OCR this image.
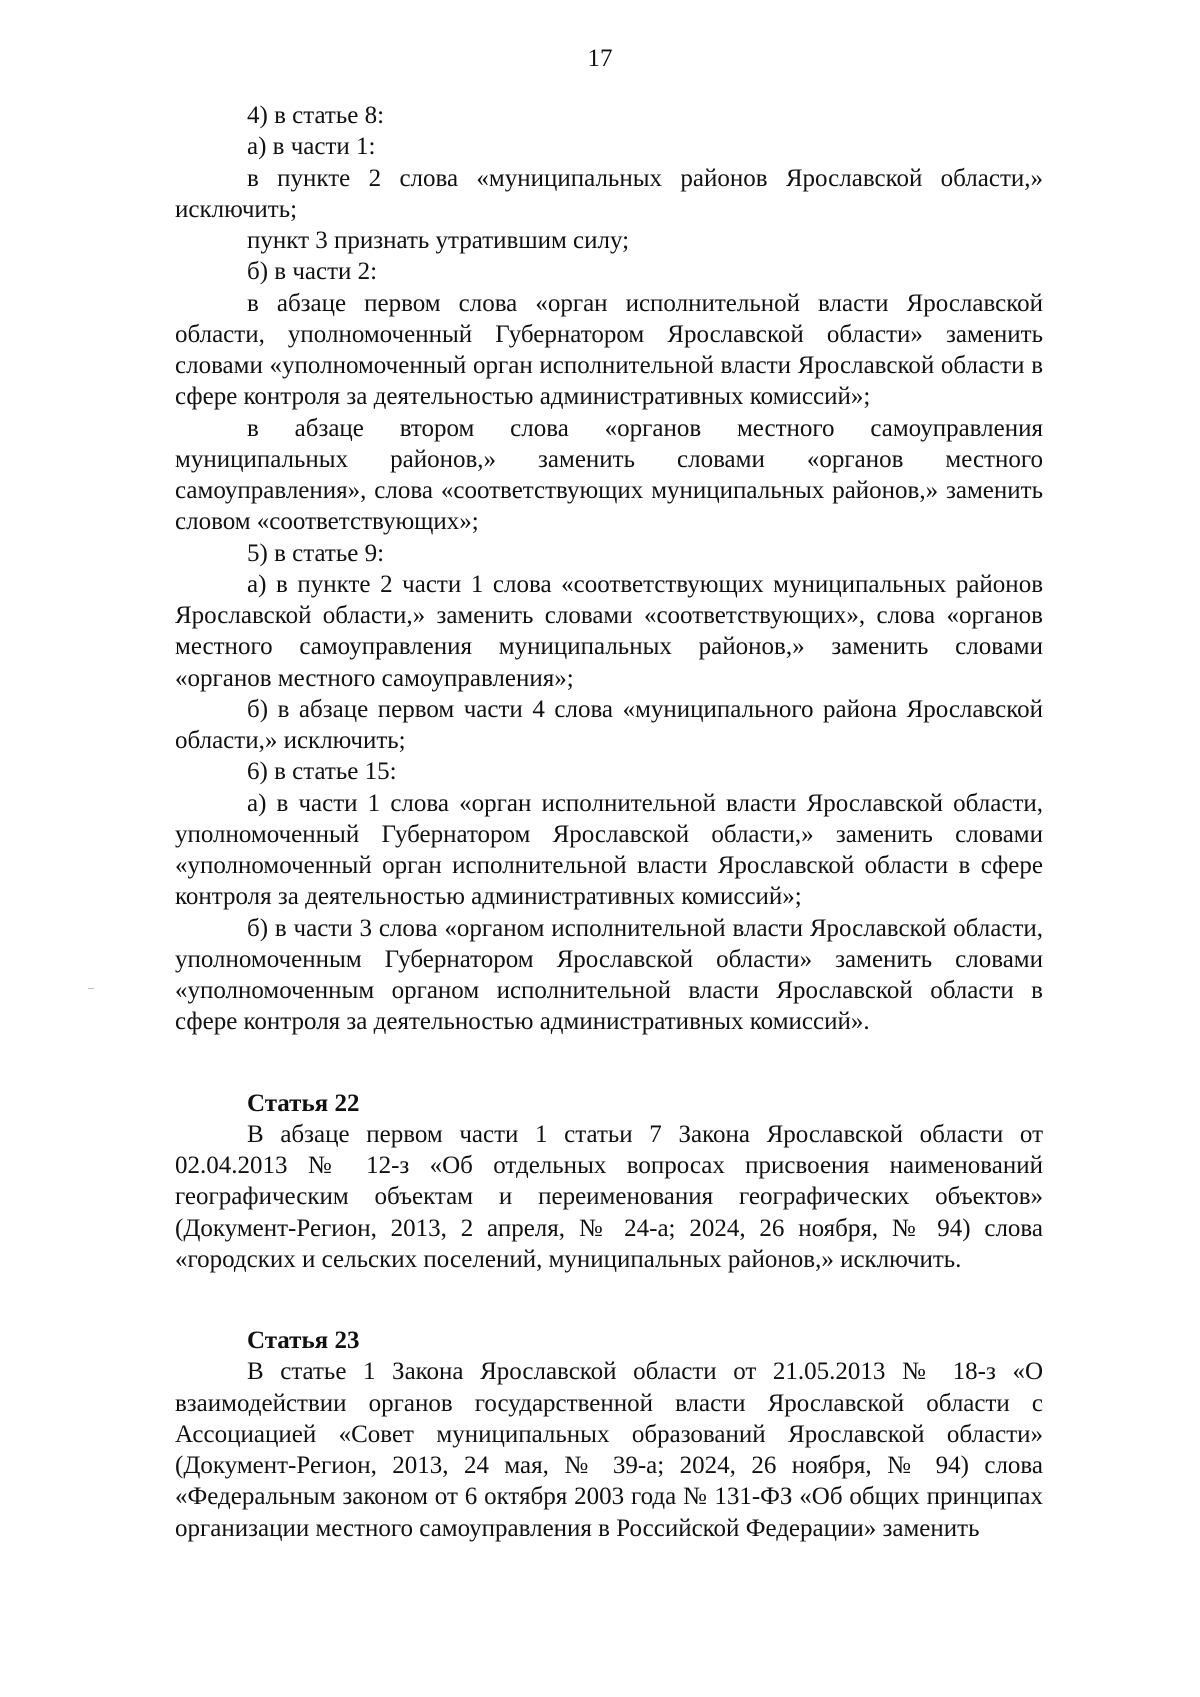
17

4) в статье 8:

а) в части 1:

в пункте 2 слова «муниципальных районов Ярославской области,» исключить;

пункт 3 признать утратившим силу;

б) в части 2:

в абзаце первом слова «орган исполнительной власти Ярославской области, уполномоченный Губернатором Ярославской области» заменить словами «уполномоченный орган исполнительной власти Ярославской области в сфере контроля за деятельностью административных комиссий»;

в абзаце втором слова «органов местного самоуправления муниципальных районов,» заменить словами «органов местного самоуправления», слова «соответствующих муниципальных районов,» заменить словом «соответствующих»;

5) в статье 9:

а) в пункте 2 части 1 слова «соответствующих муниципальных районов Ярославской области,» заменить словами «соответствующих», слова «органов местного самоуправления муниципальных районов,» заменить словами «органов местного самоуправления»;

б) в абзаце первом части 4 слова «муниципального района Ярославской области,» исключить;

6) в статье 15:

а) в части 1 слова «орган исполнительной власти Ярославской области, уполномоченный Губернатором Ярославской области,» заменить словами «уполномоченный орган исполнительной власти Ярославской области в сфере контроля за деятельностью административных комиссий»;

б) в части 3 слова «органом исполнительной власти Ярославской области, уполномоченным Губернатором Ярославской области» заменить словами «уполномоченным органом исполнительной власти Ярославской области в сфере контроля за деятельностью административных комиссий».

Статья 22

В абзаце первом части 1 статьи 7 Закона Ярославской области от 02.04.2013 № 12-з «Об отдельных вопросах присвоения наименований географическим объектам и переименования географических объектов» (Документ-Регион, 2013, 2 апреля, № 24-а; 2024, 26 ноября, № 94) слова «городских и сельских поселений, муниципальных районов,» исключить.

Статья 23

В статье 1 Закона Ярославской области от 21.05.2013 № 18-з «О взаимодействии органов государственной власти Ярославской области с Ассоциацией «Совет муниципальных образований Ярославской области» (Документ-Регион, 2013, 24 мая, № 39-а; 2024, 26 ноября, № 94) слова «Федеральным законом от 6 октября 2003 года № 131-ФЗ «Об общих принципах организации местного самоуправления в Российской Федерации» заменить
